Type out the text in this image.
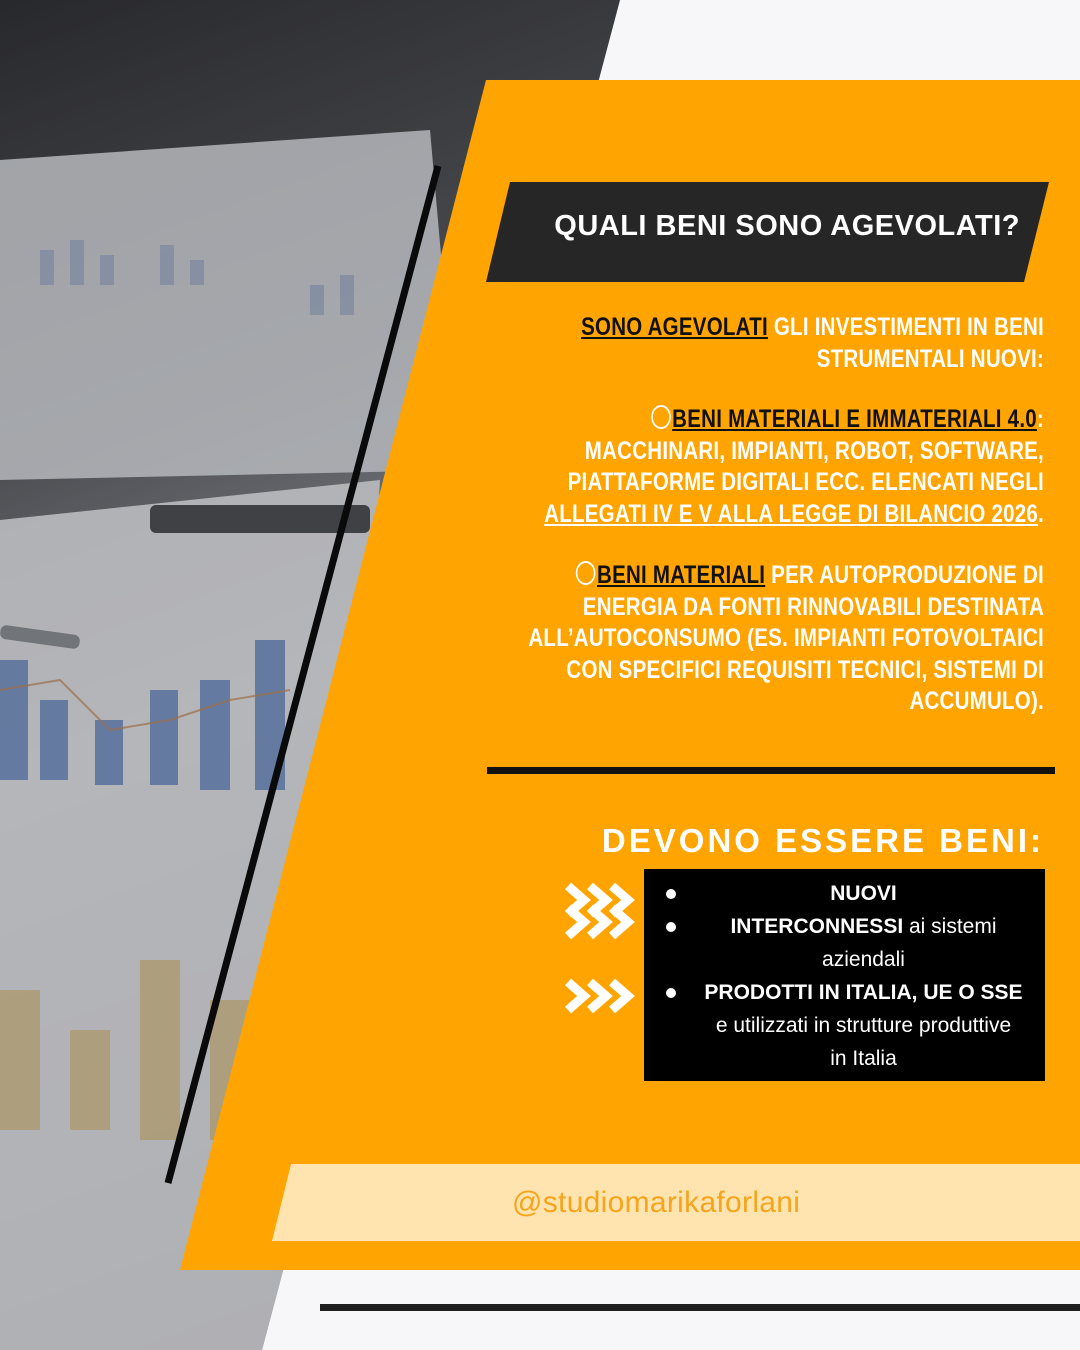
QUALI BENI SONO AGEVOLATI?
SONO AGEVOLATI GLI INVESTIMENTI IN BENI
STRUMENTALI NUOVI:
BENI MATERIALI E IMMATERIALI 4.0:
MACCHINARI, IMPIANTI, ROBOT, SOFTWARE,
PIATTAFORME DIGITALI ECC. ELENCATI NEGLI
ALLEGATI IV E V ALLA LEGGE DI BILANCIO 2026.
BENI MATERIALI PER AUTOPRODUZIONE DI
ENERGIA DA FONTI RINNOVABILI DESTINATA
ALL’AUTOCONSUMO (ES. IMPIANTI FOTOVOLTAICI
CON SPECIFICI REQUISITI TECNICI, SISTEMI DI
ACCUMULO).
DEVONO ESSERE BENI:
NUOVI
INTERCONNESSI ai sistemi
aziendali
PRODOTTI IN ITALIA, UE O SSE
e utilizzati in strutture produttive
in Italia
@studiomarikaforlani
